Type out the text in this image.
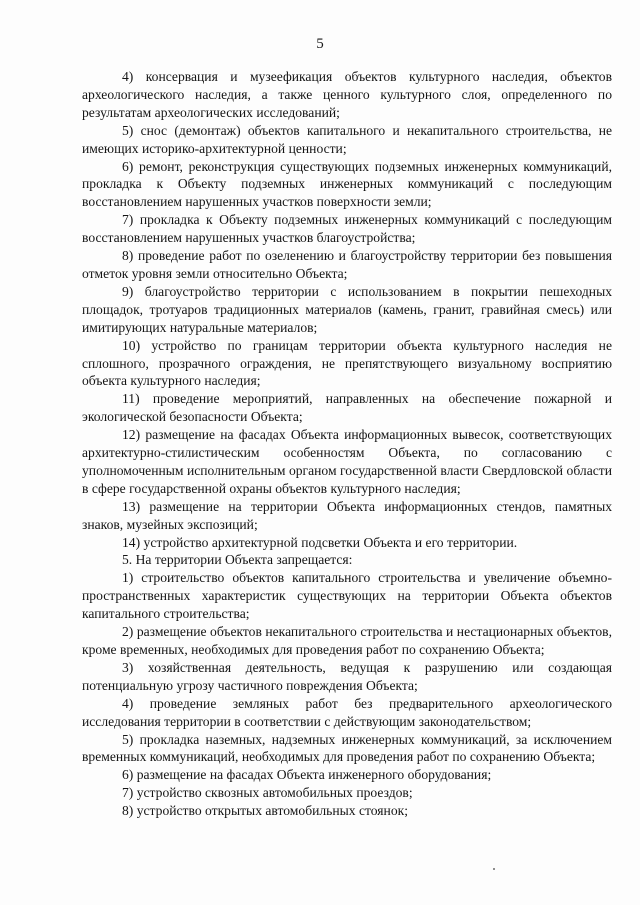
5

4) консервация и музеефикация объектов культурного наследия, объектов археологического наследия, а также ценного культурного слоя, определенного по результатам археологических исследований;

5) снос (демонтаж) объектов капитального и некапитального строительства, не имеющих историко-архитектурной ценности;

6) ремонт, реконструкция существующих подземных инженерных коммуникаций, прокладка к Объекту подземных инженерных коммуникаций с последующим восстановлением нарушенных участков поверхности земли;

7) прокладка к Объекту подземных инженерных коммуникаций с последующим восстановлением нарушенных участков благоустройства;

8) проведение работ по озеленению и благоустройству территории без повышения отметок уровня земли относительно Объекта;

9) благоустройство территории с использованием в покрытии пешеходных площадок, тротуаров традиционных материалов (камень, гранит, гравийная смесь) или имитирующих натуральные материалов;

10) устройство по границам территории объекта культурного наследия не сплошного, прозрачного ограждения, не препятствующего визуальному восприятию объекта культурного наследия;

11) проведение мероприятий, направленных на обеспечение пожарной и экологической безопасности Объекта;

12) размещение на фасадах Объекта информационных вывесок, соответствующих архитектурно-стилистическим особенностям Объекта, по согласованию с уполномоченным исполнительным органом государственной власти Свердловской области в сфере государственной охраны объектов культурного наследия;

13) размещение на территории Объекта информационных стендов, памятных знаков, музейных экспозиций;

14) устройство архитектурной подсветки Объекта и его территории.

5. На территории Объекта запрещается:

1) строительство объектов капитального строительства и увеличение объемно-пространственных характеристик существующих на территории Объекта объектов капитального строительства;

2) размещение объектов некапитального строительства и нестационарных объектов, кроме временных, необходимых для проведения работ по сохранению Объекта;

3) хозяйственная деятельность, ведущая к разрушению или создающая потенциальную угрозу частичного повреждения Объекта;

4) проведение земляных работ без предварительного археологического исследования территории в соответствии с действующим законодательством;

5) прокладка наземных, надземных инженерных коммуникаций, за исключением временных коммуникаций, необходимых для проведения работ по сохранению Объекта;

6) размещение на фасадах Объекта инженерного оборудования;

7) устройство сквозных автомобильных проездов;

8) устройство открытых автомобильных стоянок;
